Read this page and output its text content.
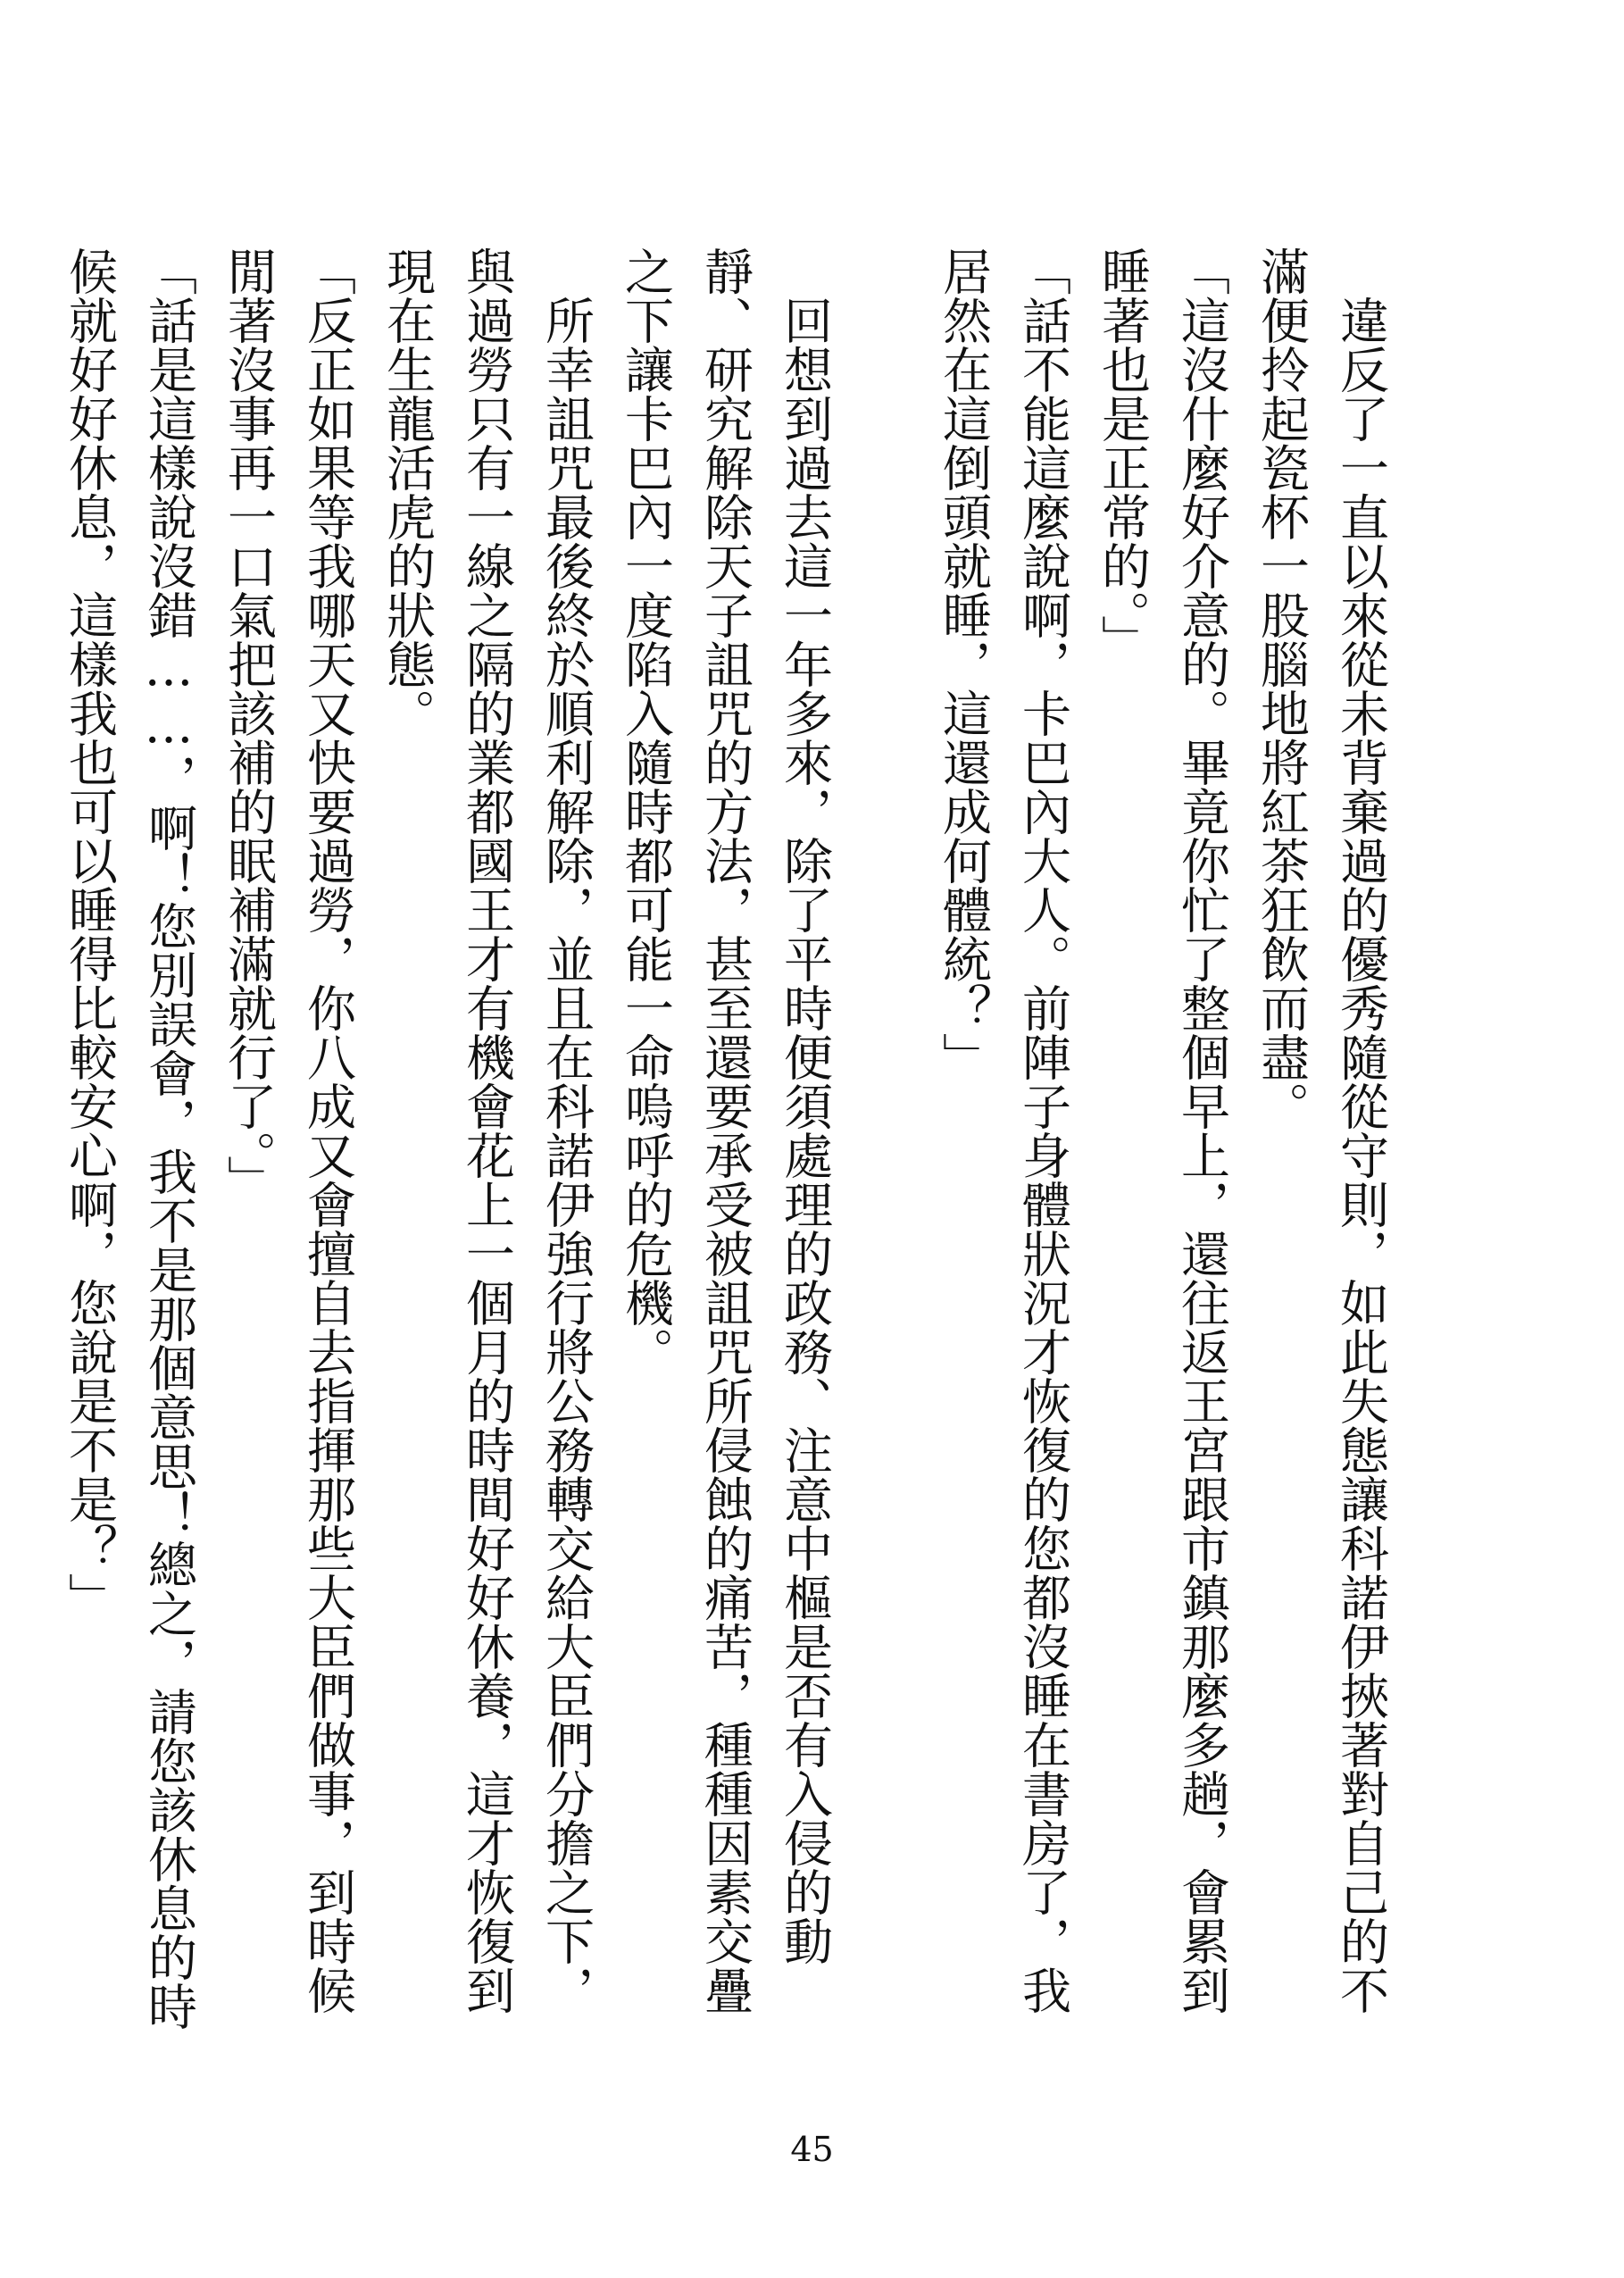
違反了一直以來從未背棄過的優秀隨從守則，如此失態讓科諾伊挾著對自己的不滿便拎起瓷杯一股腦地將紅茶狂飲而盡。

「這沒什麼好介意的。畢竟你忙了整個早上，還往返王宮跟市鎮那麼多趟，會累到睡著也是正常的。」

「話不能這麼說啊，卡巴內大人。前陣子身體狀況才恢復的您都沒睡在書房了，我居然在這倒頭就睡，這還成何體統？」

回想到過去這一年多來，除了平時便須處理的政務、注意中樞是否有入侵的動靜、研究解除天子詛咒的方法，甚至還要承受被詛咒所侵蝕的痛苦，種種因素交疊之下讓卡巴內一度陷入隨時都可能一命嗚呼的危機。

所幸詛咒最後終於順利解除，並且在科諾伊強行將公務轉交給大臣們分擔之下，與過勞只有一線之隔的業都國王才有機會花上一個月的時間好好休養，這才恢復到現在生龍活虎的狀態。

「反正如果等我哪天又快要過勞，你八成又會擅自去指揮那些大臣們做事，到時候閒著沒事再一口氣把該補的眠補滿就行了。」

「話是這樣說沒錯……，啊！您別誤會，我不是那個意思！總之，請您該休息的時候就好好休息，這樣我也可以睡得比較安心啊，您說是不是？」

45
